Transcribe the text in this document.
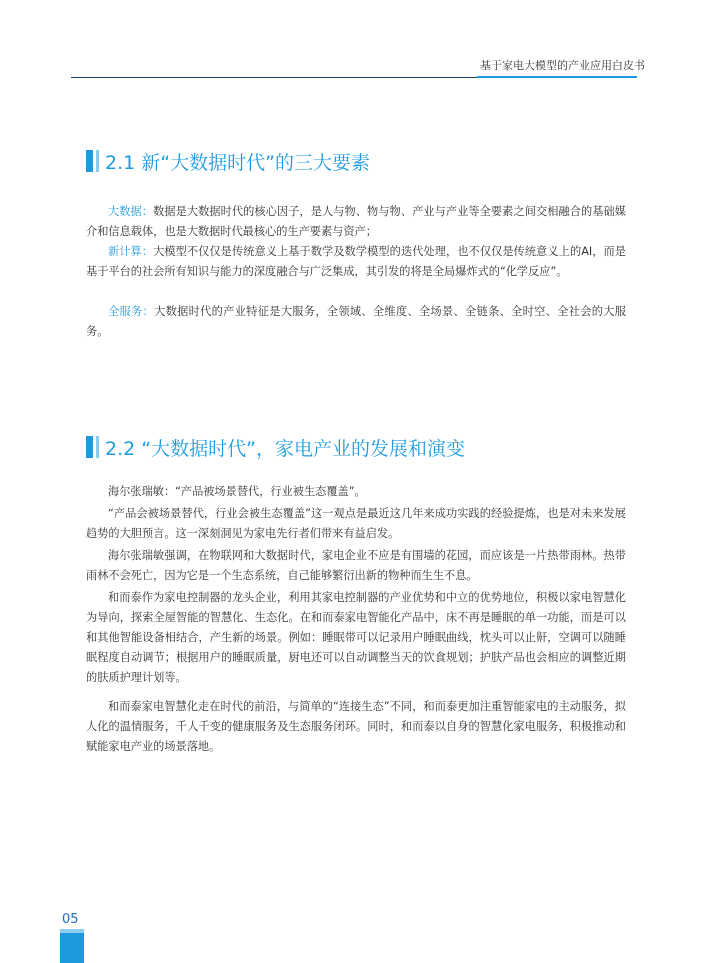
基于家电大模型的产业应用白皮书
2.1 新“大数据时代”的三大要素

大数据：数据是大数据时代的核心因子，是人与物、物与物、产业与产业等全要素之间交相融合的基础媒介和信息载体，也是大数据时代最核心的生产要素与资产；

新计算：大模型不仅仅是传统意义上基于数学及数学模型的迭代处理，也不仅仅是传统意义上的AI，而是基于平台的社会所有知识与能力的深度融合与广泛集成，其引发的将是全局爆炸式的“化学反应”。

全服务：大数据时代的产业特征是大服务，全领域、全维度、全场景、全链条、全时空、全社会的大服务。

2.2 “大数据时代”，家电产业的发展和演变

海尔张瑞敏：“产品被场景替代，行业被生态覆盖”。

“产品会被场景替代，行业会被生态覆盖”这一观点是最近这几年来成功实践的经验提炼，也是对未来发展趋势的大胆预言。这一深刻洞见为家电先行者们带来有益启发。

海尔张瑞敏强调，在物联网和大数据时代，家电企业不应是有围墙的花园，而应该是一片热带雨林。热带雨林不会死亡，因为它是一个生态系统，自己能够繁衍出新的物种而生生不息。

和而泰作为家电控制器的龙头企业，利用其家电控制器的产业优势和中立的优势地位，积极以家电智慧化为导向，探索全屋智能的智慧化、生态化。在和而泰家电智能化产品中，床不再是睡眠的单一功能，而是可以和其他智能设备相结合，产生新的场景。例如：睡眠带可以记录用户睡眠曲线，枕头可以止鼾，空调可以随睡眠程度自动调节；根据用户的睡眠质量，厨电还可以自动调整当天的饮食规划；护肤产品也会相应的调整近期的肤质护理计划等。

和而泰家电智慧化走在时代的前沿，与简单的“连接生态”不同，和而泰更加注重智能家电的主动服务，拟人化的温情服务，千人千变的健康服务及生态服务闭环。同时，和而泰以自身的智慧化家电服务，积极推动和赋能家电产业的场景落地。

05
